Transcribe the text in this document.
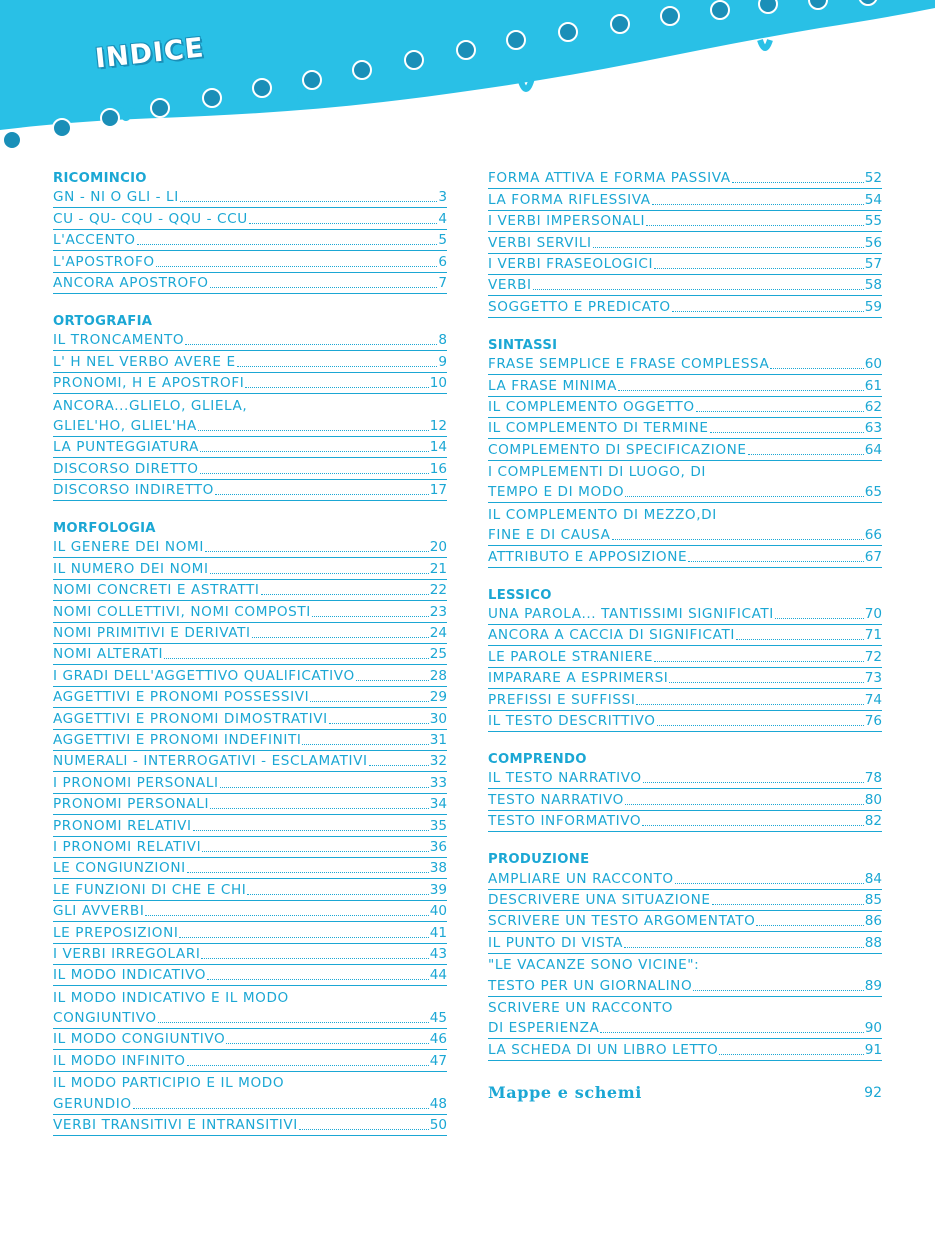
INDICE
RICOMINCIO
GN - NI O GLI - LI	3
CU - QU- CQU - QQU - CCU	4
L'ACCENTO	5
L'APOSTROFO	6
ANCORA APOSTROFO	7
ORTOGRAFIA
IL TRONCAMENTO	8
L' H NEL VERBO AVERE E	9
PRONOMI, H E APOSTROFI	10
ANCORA...GLIELO, GLIELA,
GLIEL'HO, GLIEL'HA	12
LA PUNTEGGIATURA	14
DISCORSO DIRETTO	16
DISCORSO INDIRETTO	17
MORFOLOGIA
IL GENERE DEI NOMI	20
IL NUMERO DEI NOMI	21
NOMI CONCRETI E ASTRATTI	22
NOMI COLLETTIVI, NOMI COMPOSTI	23
NOMI PRIMITIVI E DERIVATI	24
NOMI ALTERATI	25
I GRADI DELL'AGGETTIVO QUALIFICATIVO	28
AGGETTIVI E PRONOMI POSSESSIVI	29
AGGETTIVI E PRONOMI DIMOSTRATIVI	30
AGGETTIVI E PRONOMI INDEFINITI	31
NUMERALI - INTERROGATIVI - ESCLAMATIVI	32
I PRONOMI PERSONALI	33
PRONOMI PERSONALI	34
PRONOMI RELATIVI	35
I PRONOMI RELATIVI	36
LE CONGIUNZIONI	38
LE FUNZIONI DI CHE E CHI	39
GLI AVVERBI	40
LE PREPOSIZIONI	41
I VERBI IRREGOLARI	43
IL MODO INDICATIVO	44
IL MODO INDICATIVO E IL MODO
CONGIUNTIVO	45
IL MODO CONGIUNTIVO	46
IL MODO INFINITO	47
IL MODO PARTICIPIO E IL MODO
GERUNDIO	48
VERBI TRANSITIVI E INTRANSITIVI	50
FORMA ATTIVA E FORMA PASSIVA	52
LA FORMA RIFLESSIVA	54
I VERBI IMPERSONALI	55
VERBI SERVILI	56
I VERBI FRASEOLOGICI	57
VERBI	58
SOGGETTO E PREDICATO	59
SINTASSI
FRASE SEMPLICE E FRASE COMPLESSA	60
LA FRASE MINIMA	61
IL COMPLEMENTO OGGETTO	62
IL COMPLEMENTO DI TERMINE	63
COMPLEMENTO DI SPECIFICAZIONE	64
I COMPLEMENTI DI LUOGO, DI
TEMPO E DI MODO	65
IL COMPLEMENTO DI MEZZO,DI
FINE E DI CAUSA	66
ATTRIBUTO E APPOSIZIONE	67
LESSICO
UNA PAROLA... TANTISSIMI SIGNIFICATI	70
ANCORA A CACCIA DI SIGNIFICATI	71
LE PAROLE STRANIERE	72
IMPARARE A ESPRIMERSI	73
PREFISSI E SUFFISSI	74
IL TESTO DESCRITTIVO	76
COMPRENDO
IL TESTO NARRATIVO	78
TESTO NARRATIVO	80
TESTO INFORMATIVO	82
PRODUZIONE
AMPLIARE UN RACCONTO	84
DESCRIVERE UNA SITUAZIONE	85
SCRIVERE UN TESTO ARGOMENTATO	86
IL PUNTO DI VISTA	88
"LE VACANZE SONO VICINE":
TESTO PER UN GIORNALINO	89
SCRIVERE UN RACCONTO
DI ESPERIENZA	90
LA SCHEDA DI UN LIBRO LETTO	91
Mappe e schemi	92
